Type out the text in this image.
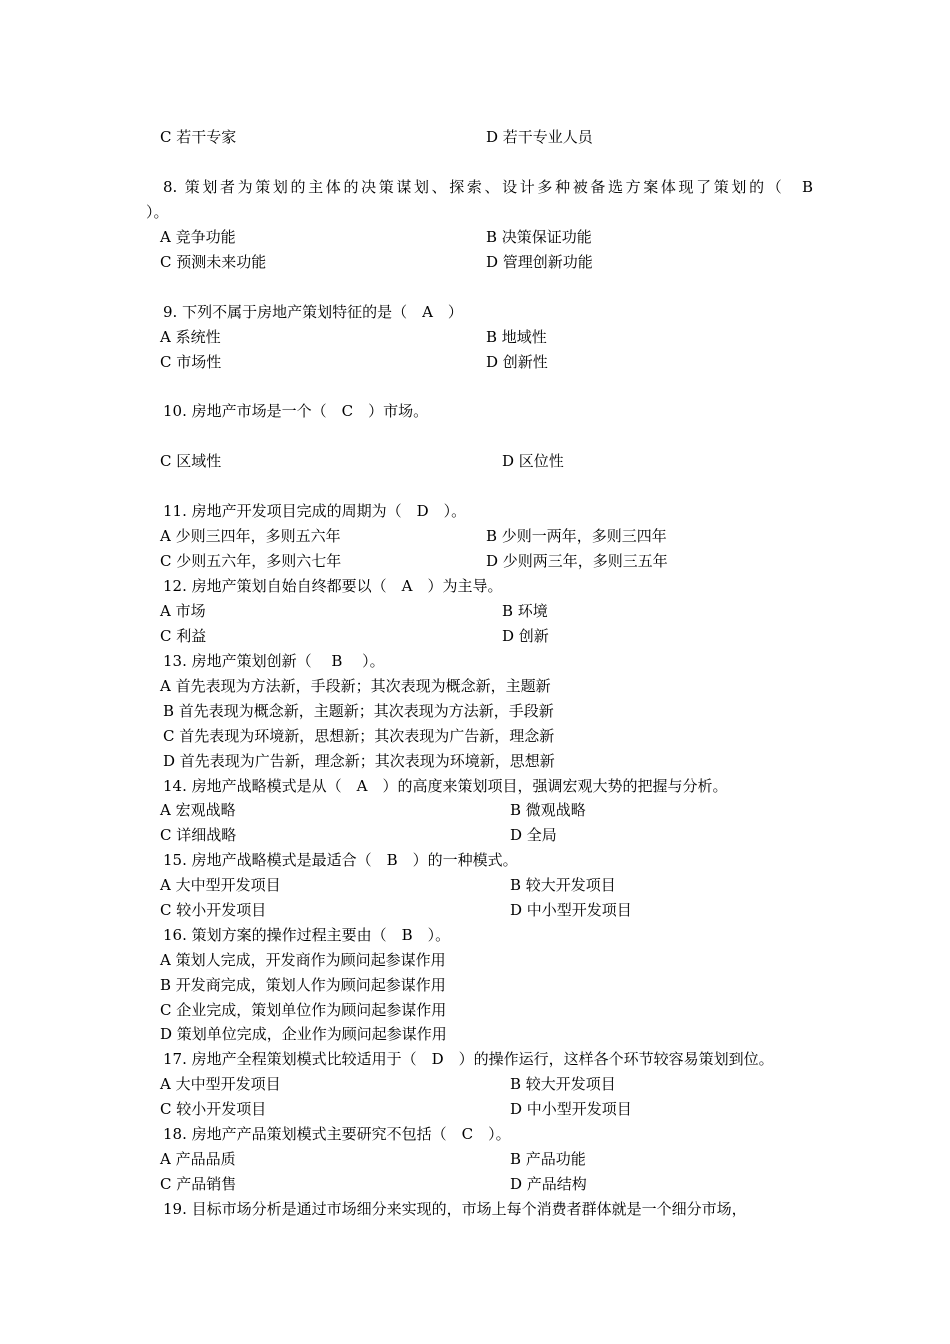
C 若干专家	D 若干专业人员
8. 策划者为策划的主体的决策谋划、探索、设计多种被备选方案体现了策划的（　B
）。
A 竞争功能	B 决策保证功能
C 预测未来功能	D 管理创新功能
9. 下列不属于房地产策划特征的是（　A　）
A 系统性	B 地域性
C 市场性	D 创新性
10. 房地产市场是一个（　C　）市场。
C 区域性	D 区位性
11. 房地产开发项目完成的周期为（　D　）。
A 少则三四年，多则五六年	B 少则一两年，多则三四年
C 少则五六年，多则六七年	D 少则两三年，多则三五年
12. 房地产策划自始自终都要以（　A　）为主导。
A 市场	B 环境
C 利益	D 创新
13. 房地产策划创新（　 B　 ）。
A 首先表现为方法新，手段新；其次表现为概念新，主题新
B 首先表现为概念新，主题新；其次表现为方法新，手段新
C 首先表现为环境新，思想新；其次表现为广告新，理念新
D 首先表现为广告新，理念新；其次表现为环境新，思想新
14. 房地产战略模式是从（　A　）的高度来策划项目，强调宏观大势的把握与分析。
A 宏观战略	B 微观战略
C 详细战略	D 全局
15. 房地产战略模式是最适合（　B　）的一种模式。
A 大中型开发项目	B 较大开发项目
C 较小开发项目	D 中小型开发项目
16. 策划方案的操作过程主要由（　B　）。
A 策划人完成，开发商作为顾问起参谋作用
B 开发商完成，策划人作为顾问起参谋作用
C 企业完成，策划单位作为顾问起参谋作用
D 策划单位完成，企业作为顾问起参谋作用
17. 房地产全程策划模式比较适用于（　D　）的操作运行，这样各个环节较容易策划到位。
A 大中型开发项目	B 较大开发项目
C 较小开发项目	D 中小型开发项目
18. 房地产产品策划模式主要研究不包括（　C　）。
A 产品品质	B 产品功能
C 产品销售	D 产品结构
19. 目标市场分析是通过市场细分来实现的，市场上每个消费者群体就是一个细分市场，
